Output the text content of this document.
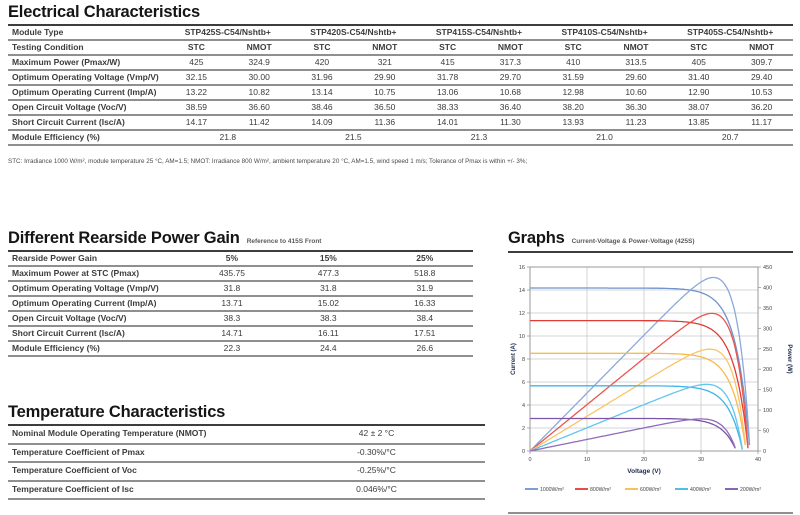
Electrical Characteristics
Module Type	STP425S-C54/Nshtb+		STP420S-C54/Nshtb+		STP415S-C54/Nshtb+		STP410S-C54/Nshtb+		STP405S-C54/Nshtb+	
Testing Condition	STC	NMOT	STC	NMOT	STC	NMOT	STC	NMOT	STC	NMOT
Maximum Power (Pmax/W)	425	324.9	420	321	415	317.3	410	313.5	405	309.7
Optimum Operating Voltage (Vmp/V)	32.15	30.00	31.96	29.90	31.78	29.70	31.59	29.60	31.40	29.40
Optimum Operating Current (Imp/A)	13.22	10.82	13.14	10.75	13.06	10.68	12.98	10.60	12.90	10.53
Open Circuit Voltage (Voc/V)	38.59	36.60	38.46	36.50	38.33	36.40	38.20	36.30	38.07	36.20
Short Circuit Current (Isc/A)	14.17	11.42	14.09	11.36	14.01	11.30	13.93	11.23	13.85	11.17
Module Efficiency (%)	21.8		21.5		21.3		21.0		20.7	
STC: Irradiance 1000 W/m², module temperature 25 °C, AM=1.5; NMOT: Irradiance 800 W/m², ambient temperature 20 °C, AM=1.5, wind speed 1 m/s; Tolerance of Pmax is within +/- 3%;
Different Rearside Power Gain Reference to 415S Front
Rearside Power Gain	5%	15%	25%
Maximum Power at STC (Pmax)	435.75	477.3	518.8
Optimum Operating Voltage (Vmp/V)	31.8	31.8	31.9
Optimum Operating Current (Imp/A)	13.71	15.02	16.33
Open Circuit Voltage (Voc/V)	38.3	38.3	38.4
Short Circuit Current (Isc/A)	14.71	16.11	17.51
Module Efficiency (%)	22.3	24.4	26.6
Temperature Characteristics
Nominal Module Operating Temperature (NMOT)	42 ± 2 °C
Temperature Coefficient of Pmax	-0.30%/°C
Temperature Coefficient of Voc	-0.25%/°C
Temperature Coefficient of Isc	0.046%/°C
Graphs Current-Voltage & Power-Voltage (425S)
0
2
4
6
8
10
12
14
16
0
50
100
150
200
250
300
350
400
450
0	10	20	30	40
Current (A)	Power (W)
Voltage (V)
1000W/m²	800W/m²	600W/m²	400W/m²	200W/m²
